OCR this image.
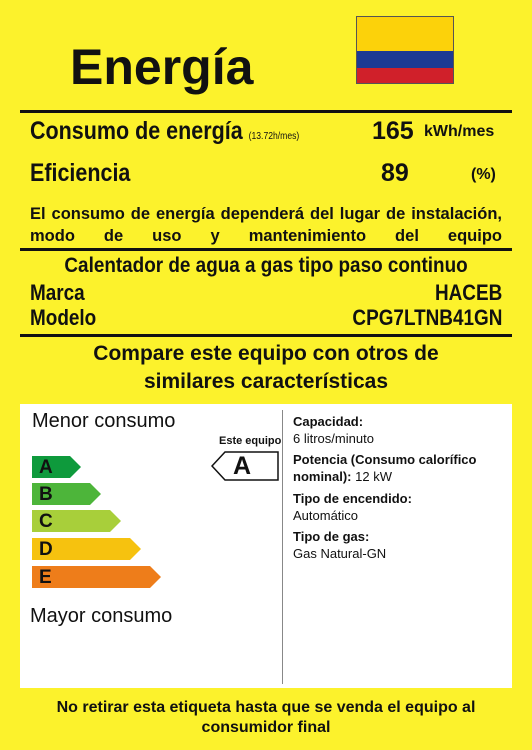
Energía
Consumo de energía (13.72h/mes)	165 kWh/mes
Eficiencia	89	(%)
El consumo de energía dependerá del lugar de instalación, modo de uso y mantenimiento del equipo
Calentador de agua a gas tipo paso continuo
Marca	HACEB
Modelo	CPG7LTNB41GN
Compare este equipo con otros de
similares características
Menor consumo
Mayor consumo
A
B
C
D
E
Este equipo
A
Capacidad:
6 litros/minuto
Potencia (Consumo calorífico
nominal): 12 kW
Tipo de encendido:
Automático
Tipo de gas:
Gas Natural-GN
No retirar esta etiqueta hasta que se venda el equipo al consumidor final
